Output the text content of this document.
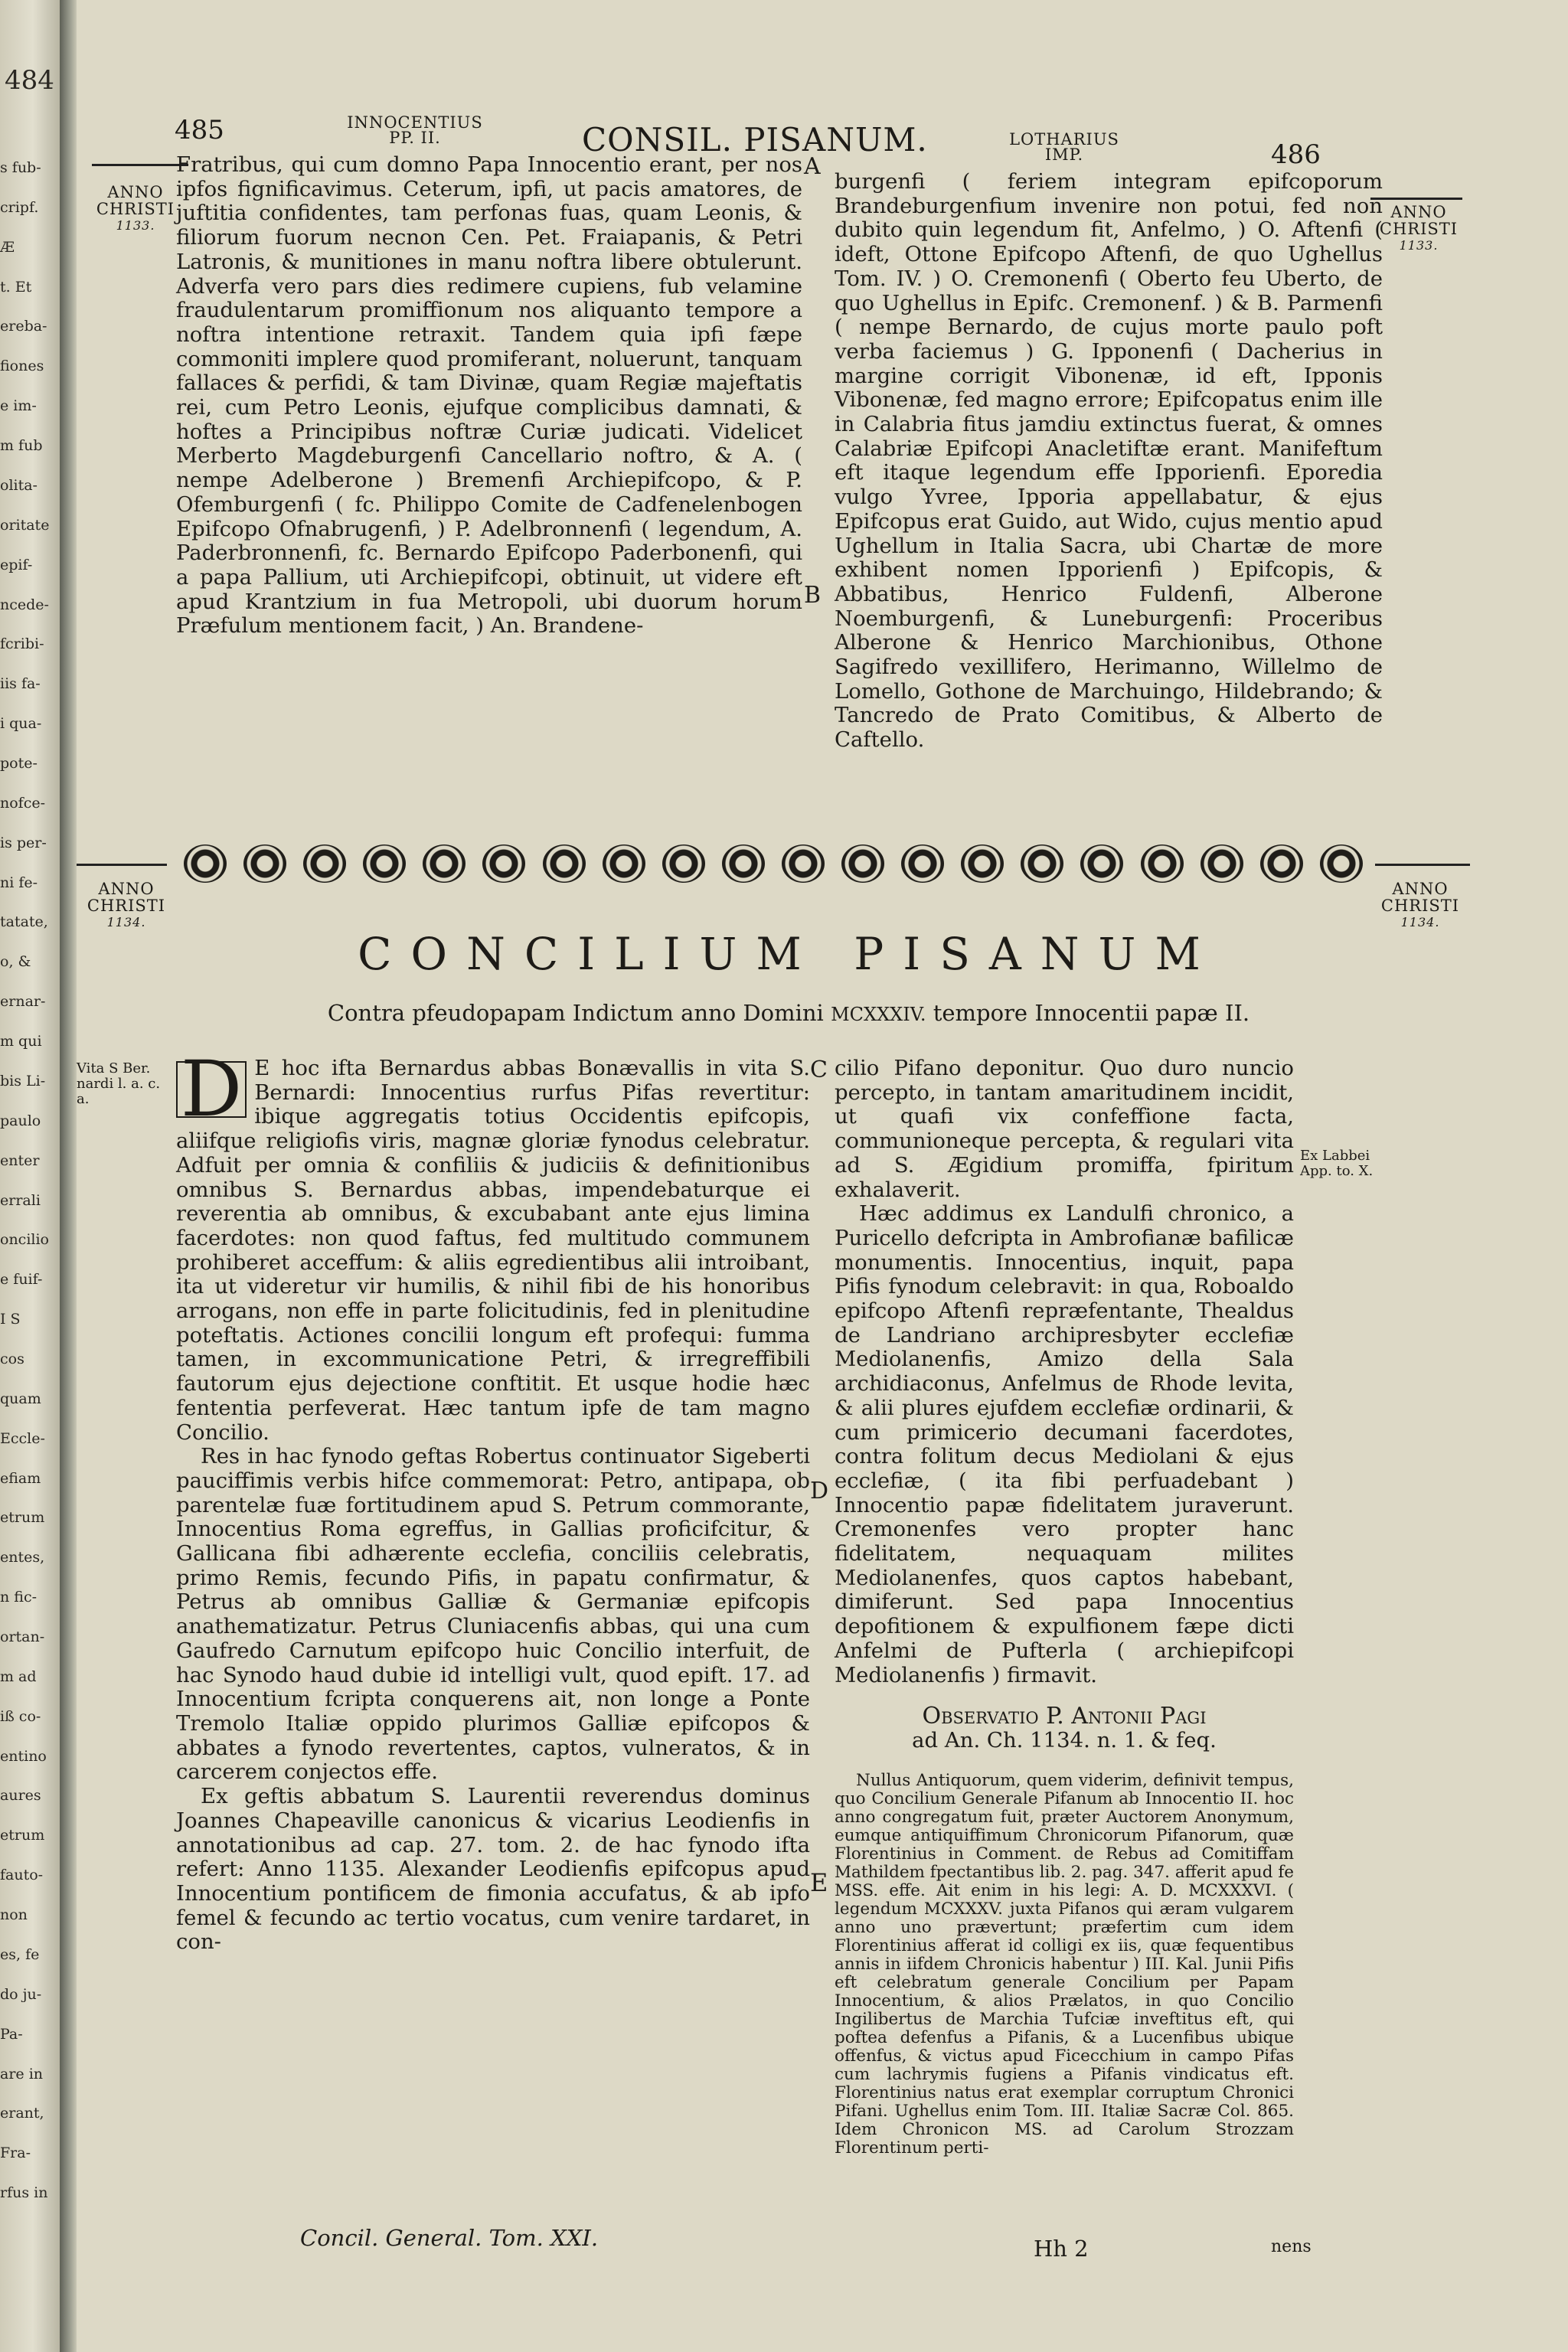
484
s fub-
cripf.
Æ
t. Et
ereba-
fiones
e im-
m fub
olita-
oritate
epif-
ncede-
fcribi-
iis fa-
i qua-
pote-
nofce-
is per-
ni fe-
tatate,
o, &
ernar-
m qui
bis Li-
paulo
enter
errali
oncilio
e fuif-
I S
cos
quam
Eccle-
efiam
etrum
entes,
n fic-
ortan-
m ad
iß co-
entino
aures
etrum
fauto-
non
es, fe
do ju-
Pa-
are in
erant,
Fra-
rfus in
485	INNOCENTIUS
PP. II.	CONSIL. PISANUM.	LOTHARIUS
IMP.	486
ANNO
CHRISTI
1133.
ANNO
CHRISTI
1133.
Fratribus, qui cum domno Papa Innocentio erant, per nos ipfos fignificavimus. Ceterum, ipfi, ut pacis amatores, de juftitia confidentes, tam perfonas fuas, quam Leonis, & filiorum fuorum necnon Cen. Pet. Fraiapanis, & Petri Latronis, & munitiones in manu noftra libere obtulerunt. Adverfa vero pars dies redimere cupiens, fub velamine fraudulentarum promiffionum nos aliquanto tempore a noftra intentione retraxit. Tandem quia ipfi fæpe commoniti implere quod promiferant, noluerunt, tanquam fallaces & perfidi, & tam Divinæ, quam Regiæ majeftatis rei, cum Petro Leonis, ejufque complicibus damnati, & hoftes a Principibus noftræ Curiæ judicati. Videlicet Merberto Magdeburgenfi Cancellario noftro, & A. ( nempe Adelberone ) Bremenfi Archiepifcopo, & P. Ofemburgenfi ( fc. Philippo Comite de Cadfenelenbogen Epifcopo Ofnabrugenfi, ) P. Adelbronnenfi ( legendum, A. Paderbronnenfi, fc. Bernardo Epifcopo Paderbonenfi, qui a papa Pallium, uti Archiepifcopi, obtinuit, ut videre eft apud Krantzium in fua Metropoli, ubi duorum horum Præfulum mentionem facit, ) An. Brandene-
burgenfi ( feriem integram epifcoporum Brandeburgenfium invenire non potui, fed non dubito quin legendum fit, Anfelmo, ) O. Aftenfi ( ideft, Ottone Epifcopo Aftenfi, de quo Ughellus Tom. IV. ) O. Cremonenfi ( Oberto feu Uberto, de quo Ughellus in Epifc. Cremonenf. ) & B. Parmenfi ( nempe Bernardo, de cujus morte paulo poft verba faciemus ) G. Ipponenfi ( Dacherius in margine corrigit Vibonenæ, id eft, Ipponis Vibonenæ, fed magno errore; Epifcopatus enim ille in Calabria fitus jamdiu extinctus fuerat, & omnes Calabriæ Epifcopi Anacletiftæ erant. Manifeftum eft itaque legendum effe Ipporienfi. Eporedia vulgo Yvree, Ipporia appellabatur, & ejus Epifcopus erat Guido, aut Wido, cujus mentio apud Ughellum in Italia Sacra, ubi Chartæ de more exhibent nomen Ipporienfi ) Epifcopis, & Abbatibus, Henrico Fuldenfi, Alberone Noemburgenfi, & Luneburgenfi: Proceribus Alberone & Henrico Marchionibus, Othone Sagifredo vexillifero, Herimanno, Willelmo de Lomello, Gothone de Marchuingo, Hildebrando; & Tancredo de Prato Comitibus, & Alberto de Caftello.
A
B
ANNO
CHRISTI
1134.
ANNO
CHRISTI
1134.
CONCILIUM PISANUM
Contra pfeudopapam Indictum anno Domini MCXXXIV. tempore Innocentii papæ II.
Vita S Ber. nardi l. a. c. a.
Ex Labbei App. to. X.

D E hoc ifta Bernardus abbas Bonævallis in vita S. Bernardi: Innocentius rurfus Pifas revertitur: ibique aggregatis totius Occidentis epifcopis, aliifque religiofis viris, magnæ gloriæ fynodus celebratur. Adfuit per omnia & confiliis & judiciis & definitionibus omnibus S. Bernardus abbas, impendebaturque ei reverentia ab omnibus, & excubabant ante ejus limina facerdotes: non quod faftus, fed multitudo communem prohiberet acceffum: & aliis egredientibus alii introibant, ita ut videretur vir humilis, & nihil fibi de his honoribus arrogans, non effe in parte folicitudinis, fed in plenitudine poteftatis. Actiones concilii longum eft profequi: fumma tamen, in excommunicatione Petri, & irregreffibili fautorum ejus dejectione conftitit. Et usque hodie hæc fententia perfeverat. Hæc tantum ipfe de tam magno Concilio.

Res in hac fynodo geftas Robertus continuator Sigeberti pauciffimis verbis hifce commemorat: Petro, antipapa, ob parentelæ fuæ fortitudinem apud S. Petrum commorante, Innocentius Roma egreffus, in Gallias proficifcitur, & Gallicana fibi adhærente ecclefia, conciliis celebratis, primo Remis, fecundo Pifis, in papatu confirmatur, & Petrus ab omnibus Galliæ & Germaniæ epifcopis anathematizatur. Petrus Cluniacenfis abbas, qui una cum Gaufredo Carnutum epifcopo huic Concilio interfuit, de hac Synodo haud dubie id intelligi vult, quod epift. 17. ad Innocentium fcripta conquerens ait, non longe a Ponte Tremolo Italiæ oppido plurimos Galliæ epifcopos & abbates a fynodo revertentes, captos, vulneratos, & in carcerem conjectos effe.

Ex geftis abbatum S. Laurentii reverendus dominus Joannes Chapeaville canonicus & vicarius Leodienfis in annotationibus ad cap. 27. tom. 2. de hac fynodo ifta refert: Anno 1135. Alexander Leodienfis epifcopus apud Innocentium pontificem de fimonia accufatus, & ab ipfo femel & fecundo ac tertio vocatus, cum venire tardaret, in con-

C
D
E

cilio Pifano deponitur. Quo duro nuncio perceptо, in tantam amaritudinem incidit, ut quafi vix confeffione facta, communioneque percepta, & regulari vita ad S. Ægidium promiffa, fpiritum exhalaverit.

Hæc addimus ex Landulfi chronico, a Puricello defcripta in Ambrofianæ bafilicæ monumentis. Innocentius, inquit, papa Pifis fynodum celebravit: in qua, Roboaldo epifcopo Aftenfi repræfentante, Thealdus de Landriano archipresbyter ecclefiæ Mediolanenfis, Amizo della Sala archidiaconus, Anfelmus de Rhode levita, & alii plures ejufdem ecclefiæ ordinarii, & cum primicerio decumani facerdotes, contra folitum decus Mediolani & ejus ecclefiæ, ( ita fibi perfuadebant ) Innocentio papæ fidelitatem juraverunt. Cremonenfes vero propter hanc fidelitatem, nequaquam milites Mediolanenfes, quos captos habebant, dimiferunt. Sed papa Innocentius depofitionem & expulfionem fæpe dicti Anfelmi de Pufterla ( archiepifcopi Mediolanenfis ) firmavit.

Observatio P. Antonii Pagi
ad An. Ch. 1134. n. 1. & feq.

Nullus Antiquorum, quem viderim, definivit tempus, quo Concilium Generale Pifanum ab Innocentio II. hoc anno congregatum fuit, præter Auctorem Anonymum, eumque antiquiffimum Chronicorum Pifanorum, quæ Florentinius in Comment. de Rebus ad Comitiffam Mathildem fpectantibus lib. 2. pag. 347. afferit apud fe MSS. effe. Ait enim in his legi: A. D. MCXXXVI. ( legendum MCXXXV. juxta Pifanos qui æram vulgarem anno uno prævertunt; præfertim cum idem Florentinius afferat id colligi ex iis, quæ fequentibus annis in iifdem Chronicis habentur ) III. Kal. Junii Pifis eft celebratum generale Concilium per Papam Innocentium, & alios Prælatos, in quo Concilio Ingilibertus de Marchia Tufciæ inveftitus eft, qui poftea defenfus a Pifanis, & a Lucenfibus ubique offenfus, & victus apud Ficecchium in campo Pifas cum lachrymis fugiens a Pifanis vindicatus eft. Florentinius natus erat exemplar corruptum Chronici Pifani. Ughellus enim Tom. III. Italiæ Sacræ Col. 865. Idem Chronicon MS. ad Carolum Strozzam Florentinum perti-

Concil. General. Tom. XXI.	Hh 2	nens
